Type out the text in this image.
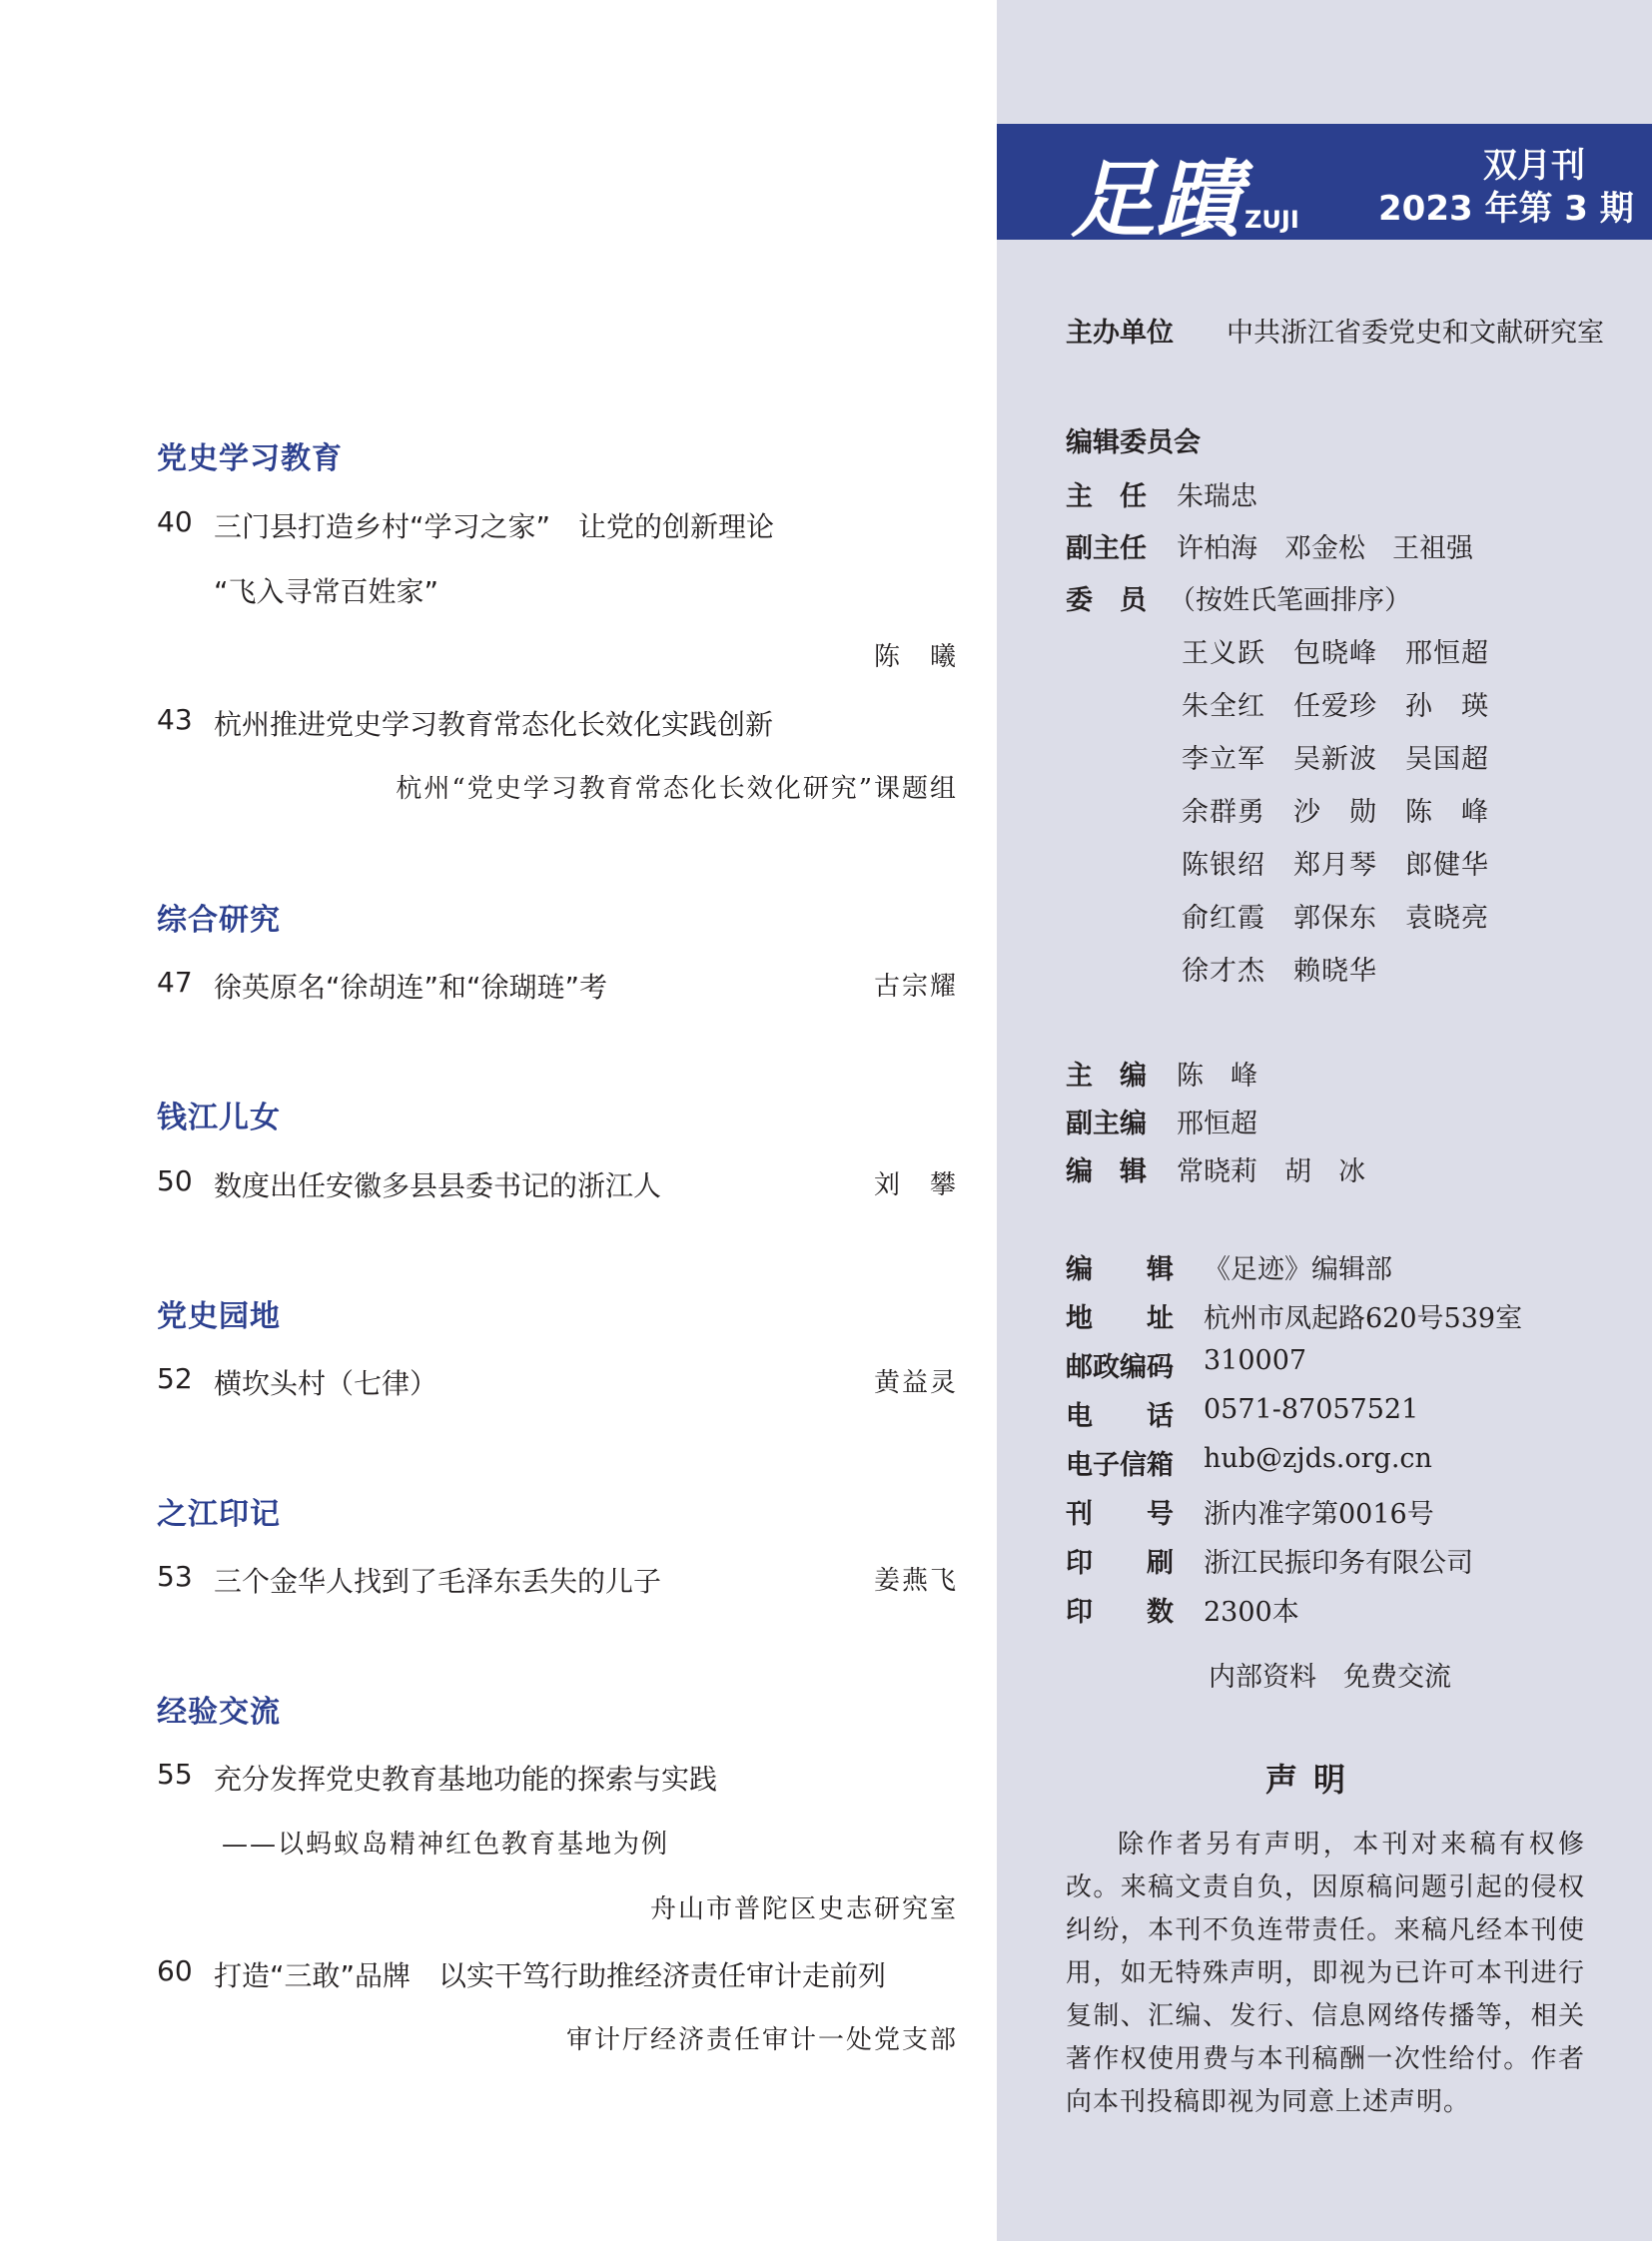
党史学习教育
40 三门县打造乡村“学习之家”　让党的创新理论
“飞入寻常百姓家”
陈　曦
43 杭州推进党史学习教育常态化长效化实践创新
杭州“党史学习教育常态化长效化研究”课题组
综合研究
47 徐英原名“徐胡连”和“徐瑚琏”考	古宗耀
钱江儿女
50 数度出任安徽多县县委书记的浙江人	刘　攀
党史园地
52 横坎头村（七律）	黄益灵
之江印记
53 三个金华人找到了毛泽东丢失的儿子	姜燕飞
经验交流
55 充分发挥党史教育基地功能的探索与实践
——以蚂蚁岛精神红色教育基地为例
舟山市普陀区史志研究室
60 打造“三敢”品牌　以实干笃行助推经济责任审计走前列
审计厅经济责任审计一处党支部
足蹟 ZUJI
双月刊
2023 年第 3 期
主办单位 中共浙江省委党史和文献研究室
编辑委员会
主　任 朱瑞忠
副主任 许柏海　邓金松　王祖强
委　员 （按姓氏笔画排序）
王义跃　包晓峰　邢恒超
朱全红　任爱珍　孙　瑛
李立军　吴新波　吴国超
余群勇　沙　勋　陈　峰
陈银绍　郑月琴　郎健华
俞红霞　郭保东　袁晓亮
徐才杰　赖晓华
主　编 陈　峰
副主编 邢恒超
编　辑 常晓莉　胡　冰
编　　辑 《足迹》编辑部
地　　址 杭州市凤起路620号539室
邮政编码 310007
电　　话 0571-87057521
电子信箱 hub@zjds.org.cn
刊　　号 浙内准字第0016号
印　　刷 浙江民振印务有限公司
印　　数 2300本
内部资料　免费交流
声明
除作者另有声明，本刊对来稿有权修改。来稿文责自负，因原稿问题引起的侵权纠纷，本刊不负连带责任。来稿凡经本刊使用，如无特殊声明，即视为已许可本刊进行复制、汇编、发行、信息网络传播等，相关著作权使用费与本刊稿酬一次性给付。作者向本刊投稿即视为同意上述声明。
